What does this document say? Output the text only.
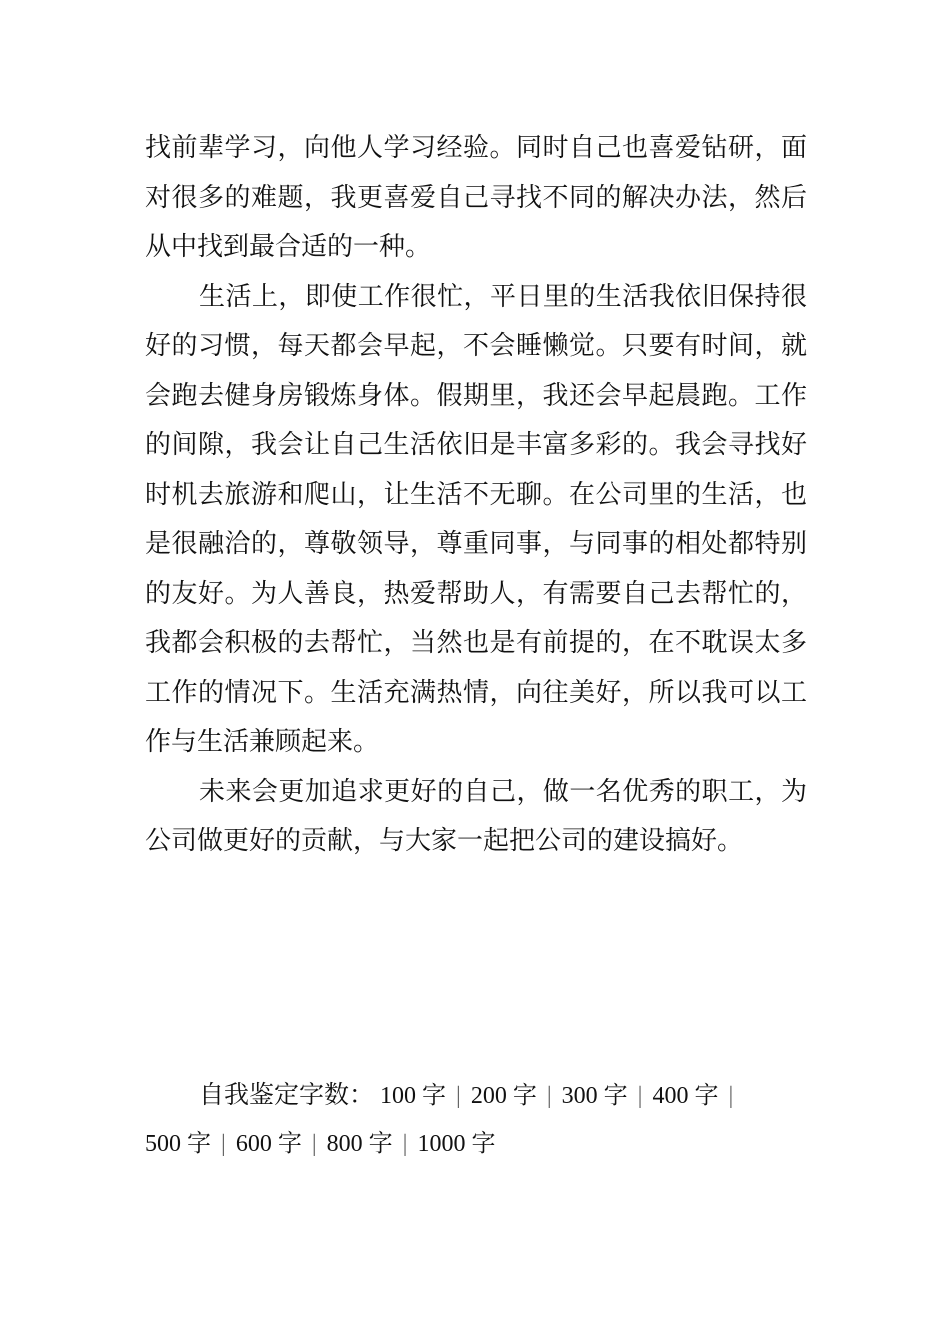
找前辈学习，向他人学习经验。同时自己也喜爱钻研，面对很多的难题，我更喜爱自己寻找不同的解决办法，然后从中找到最合适的一种。

生活上，即使工作很忙，平日里的生活我依旧保持很好的习惯，每天都会早起，不会睡懒觉。只要有时间，就会跑去健身房锻炼身体。假期里，我还会早起晨跑。工作的间隙，我会让自己生活依旧是丰富多彩的。我会寻找好时机去旅游和爬山，让生活不无聊。在公司里的生活，也是很融洽的，尊敬领导，尊重同事，与同事的相处都特别的友好。为人善良，热爱帮助人，有需要自己去帮忙的，我都会积极的去帮忙，当然也是有前提的，在不耽误太多工作的情况下。生活充满热情，向往美好，所以我可以工作与生活兼顾起来。

未来会更加追求更好的自己，做一名优秀的职工，为公司做更好的贡献，与大家一起把公司的建设搞好。

自我鉴定字数： 100 字 | 200 字 | 300 字 | 400 字 |
500 字 | 600 字 | 800 字 | 1000 字
